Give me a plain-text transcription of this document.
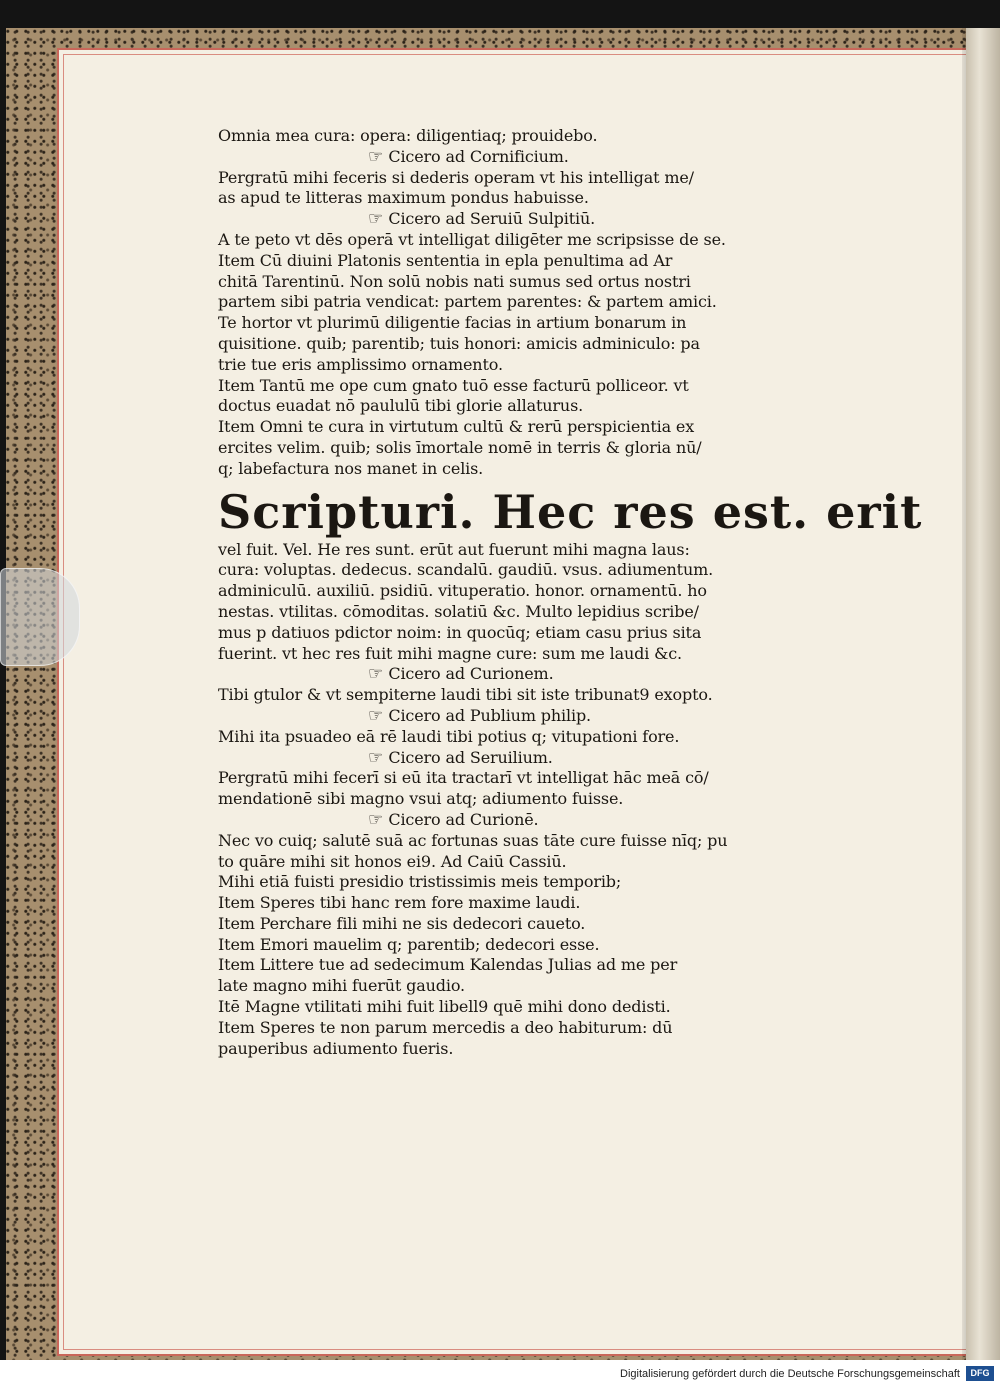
Omnia mea cura: opera: diligentiaq; prouidebo.
☞ Cicero ad Cornificium.
Pergratū mihi feceris si dederis operam vt his intelligat me/
as apud te litteras maximum pondus habuisse.
☞ Cicero ad Seruiū Sulpitiū.
A te peto vt dēs operā vt intelligat diligēter me scripsisse de se.
Item Cū diuini Platonis sententia in epla penultima ad Ar
chitā Tarentinū. Non solū nobis nati sumus sed ortus nostri
partem sibi patria vendicat: partem parentes: & partem amici.
Te hortor vt plurimū diligentie facias in artium bonarum in
quisitione. quib; parentib; tuis honori: amicis adminiculo: pa
trie tue eris amplissimo ornamento.
Item Tantū me ope cum gnato tuō esse facturū polliceor. vt
doctus euadat nō paululū tibi glorie allaturus.
Item Omni te cura in virtutum cultū & rerū perspicientia ex
ercites velim. quib; solis īmortale nomē in terris & gloria nū/
q; labefactura nos manet in celis.
Scripturi. Hec res est. erit
vel fuit. Vel. He res sunt. erūt aut fuerunt mihi magna laus:
cura: voluptas. dedecus. scandalū. gaudiū. vsus. adiumentum.
adminiculū. auxiliū. psidiū. vituperatio. honor. ornamentū. ho
nestas. vtilitas. cōmoditas. solatiū &c. Multo lepidius scribe/
mus p datiuos pdictor noim: in quocūq; etiam casu prius sita
fuerint. vt hec res fuit mihi magne cure: sum me laudi &c.
☞ Cicero ad Curionem.
Tibi gtulor & vt sempiterne laudi tibi sit iste tribunat9 exopto.
☞ Cicero ad Publium philip.
Mihi ita psuadeo eā rē laudi tibi potius q; vitupationi fore.
☞ Cicero ad Seruilium.
Pergratū mihi fecerī si eū ita tractarī vt intelligat hāc meā cō/
mendationē sibi magno vsui atq; adiumento fuisse.
☞ Cicero ad Curionē.
Nec vo cuiq; salutē suā ac fortunas suas tāte cure fuisse nīq; pu
to quāre mihi sit honos ei9. Ad Caiū Cassiū.
Mihi etiā fuisti presidio tristissimis meis temporib;
Item Speres tibi hanc rem fore maxime laudi.
Item Perchare fili mihi ne sis dedecori caueto.
Item Emori mauelim q; parentib; dedecori esse.
Item Littere tue ad sedecimum Kalendas Julias ad me per
late magno mihi fuerūt gaudio.
Itē Magne vtilitati mihi fuit libell9 quē mihi dono dedisti.
Item Speres te non parum mercedis a deo habiturum: dū
pauperibus adiumento fueris.
Digitalisierung gefördert durch die Deutsche Forschungsgemeinschaft	DFG
